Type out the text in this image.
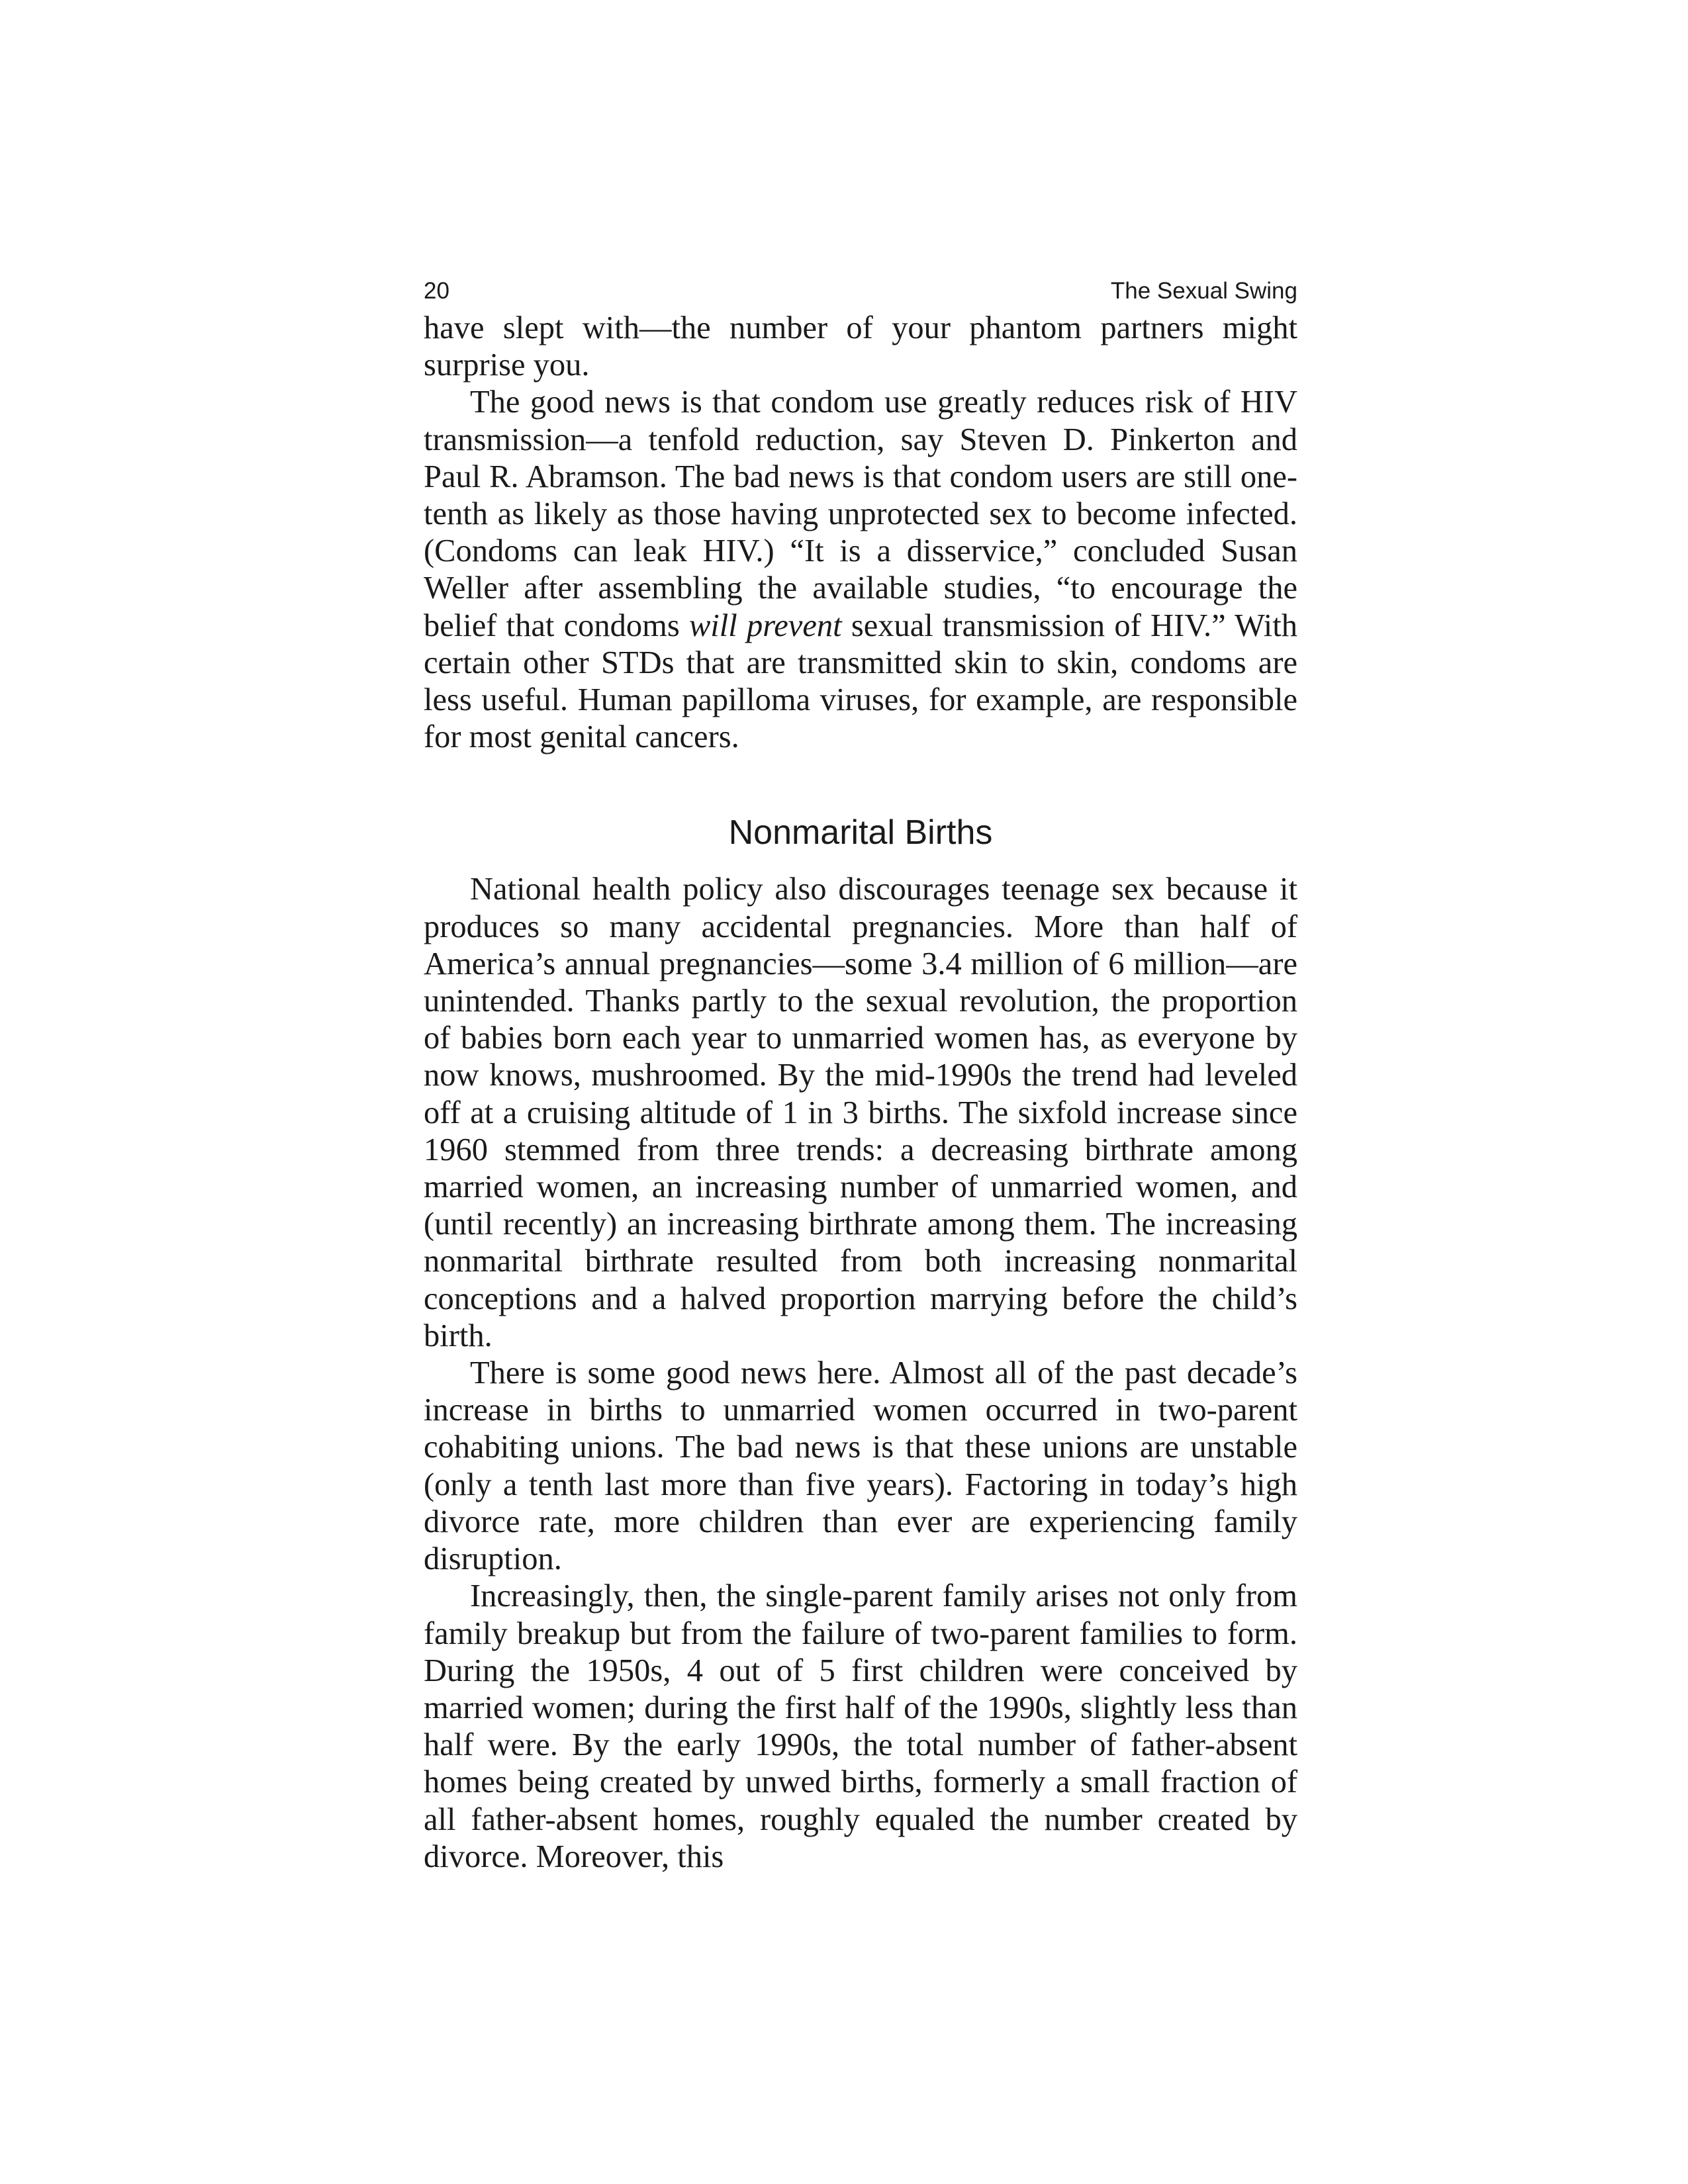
20	The Sexual Swing

have slept with—the number of your phantom partners might surprise you.

The good news is that condom use greatly reduces risk of HIV transmission—a tenfold reduction, say Steven D. Pinkerton and Paul R. Abramson. The bad news is that condom users are still one-tenth as likely as those having unprotected sex to become infected. (Condoms can leak HIV.) “It is a disservice,” concluded Susan Weller after assembling the available studies, “to encourage the belief that condoms will prevent sexual transmission of HIV.” With certain other STDs that are transmitted skin to skin, condoms are less useful. Human papilloma viruses, for example, are responsible for most genital cancers.

Nonmarital Births

National health policy also discourages teenage sex because it produces so many accidental pregnancies. More than half of America’s annual pregnancies—some 3.4 million of 6 million—are unintended. Thanks partly to the sexual revolution, the proportion of babies born each year to unmarried women has, as everyone by now knows, mushroomed. By the mid-1990s the trend had leveled off at a cruising altitude of 1 in 3 births. The sixfold increase since 1960 stemmed from three trends: a decreasing birthrate among married women, an increasing number of unmarried women, and (until recently) an increasing birthrate among them. The increasing nonmarital birthrate resulted from both increasing nonmarital conceptions and a halved proportion marrying before the child’s birth.

There is some good news here. Almost all of the past decade’s increase in births to unmarried women occurred in two-parent cohabiting unions. The bad news is that these unions are unstable (only a tenth last more than five years). Factoring in today’s high divorce rate, more children than ever are experiencing family disruption.

Increasingly, then, the single-parent family arises not only from family breakup but from the failure of two-parent families to form. During the 1950s, 4 out of 5 first children were conceived by married women; during the first half of the 1990s, slightly less than half were. By the early 1990s, the total number of father-absent homes being created by unwed births, formerly a small fraction of all father-absent homes, roughly equaled the number created by divorce. Moreover, this
